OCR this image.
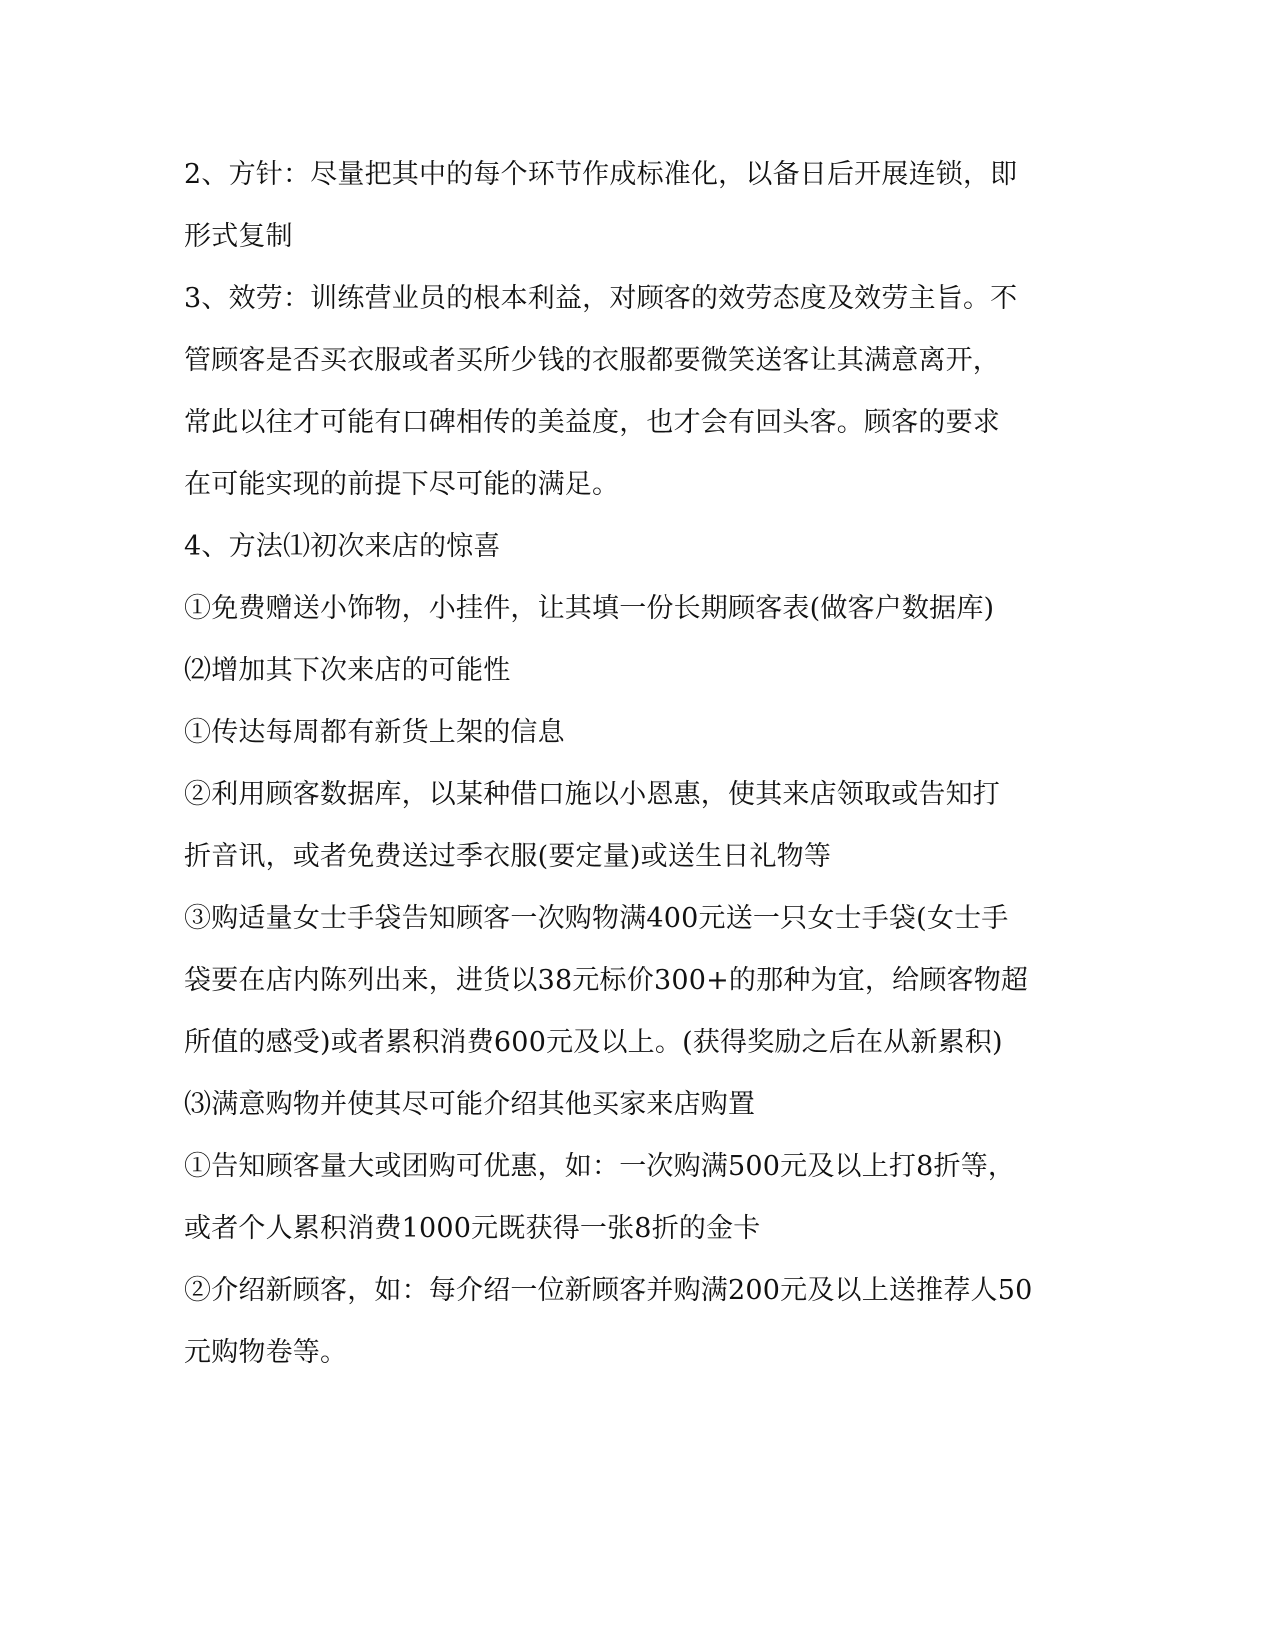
2、方针：尽量把其中的每个环节作成标准化，以备日后开展连锁，即
形式复制
3、效劳：训练营业员的根本利益，对顾客的效劳态度及效劳主旨。不
管顾客是否买衣服或者买所少钱的衣服都要微笑送客让其满意离开，
常此以往才可能有口碑相传的美益度，也才会有回头客。顾客的要求
在可能实现的前提下尽可能的满足。
4、方法⑴初次来店的惊喜
①免费赠送小饰物，小挂件，让其填一份长期顾客表(做客户数据库)
⑵增加其下次来店的可能性
①传达每周都有新货上架的信息
②利用顾客数据库，以某种借口施以小恩惠，使其来店领取或告知打
折音讯，或者免费送过季衣服(要定量)或送生日礼物等
③购适量女士手袋告知顾客一次购物满400元送一只女士手袋(女士手
袋要在店内陈列出来，进货以38元标价300+的那种为宜，给顾客物超
所值的感受)或者累积消费600元及以上。(获得奖励之后在从新累积)
⑶满意购物并使其尽可能介绍其他买家来店购置
①告知顾客量大或团购可优惠，如：一次购满500元及以上打8折等，
或者个人累积消费1000元既获得一张8折的金卡
②介绍新顾客，如：每介绍一位新顾客并购满200元及以上送推荐人50
元购物卷等。
